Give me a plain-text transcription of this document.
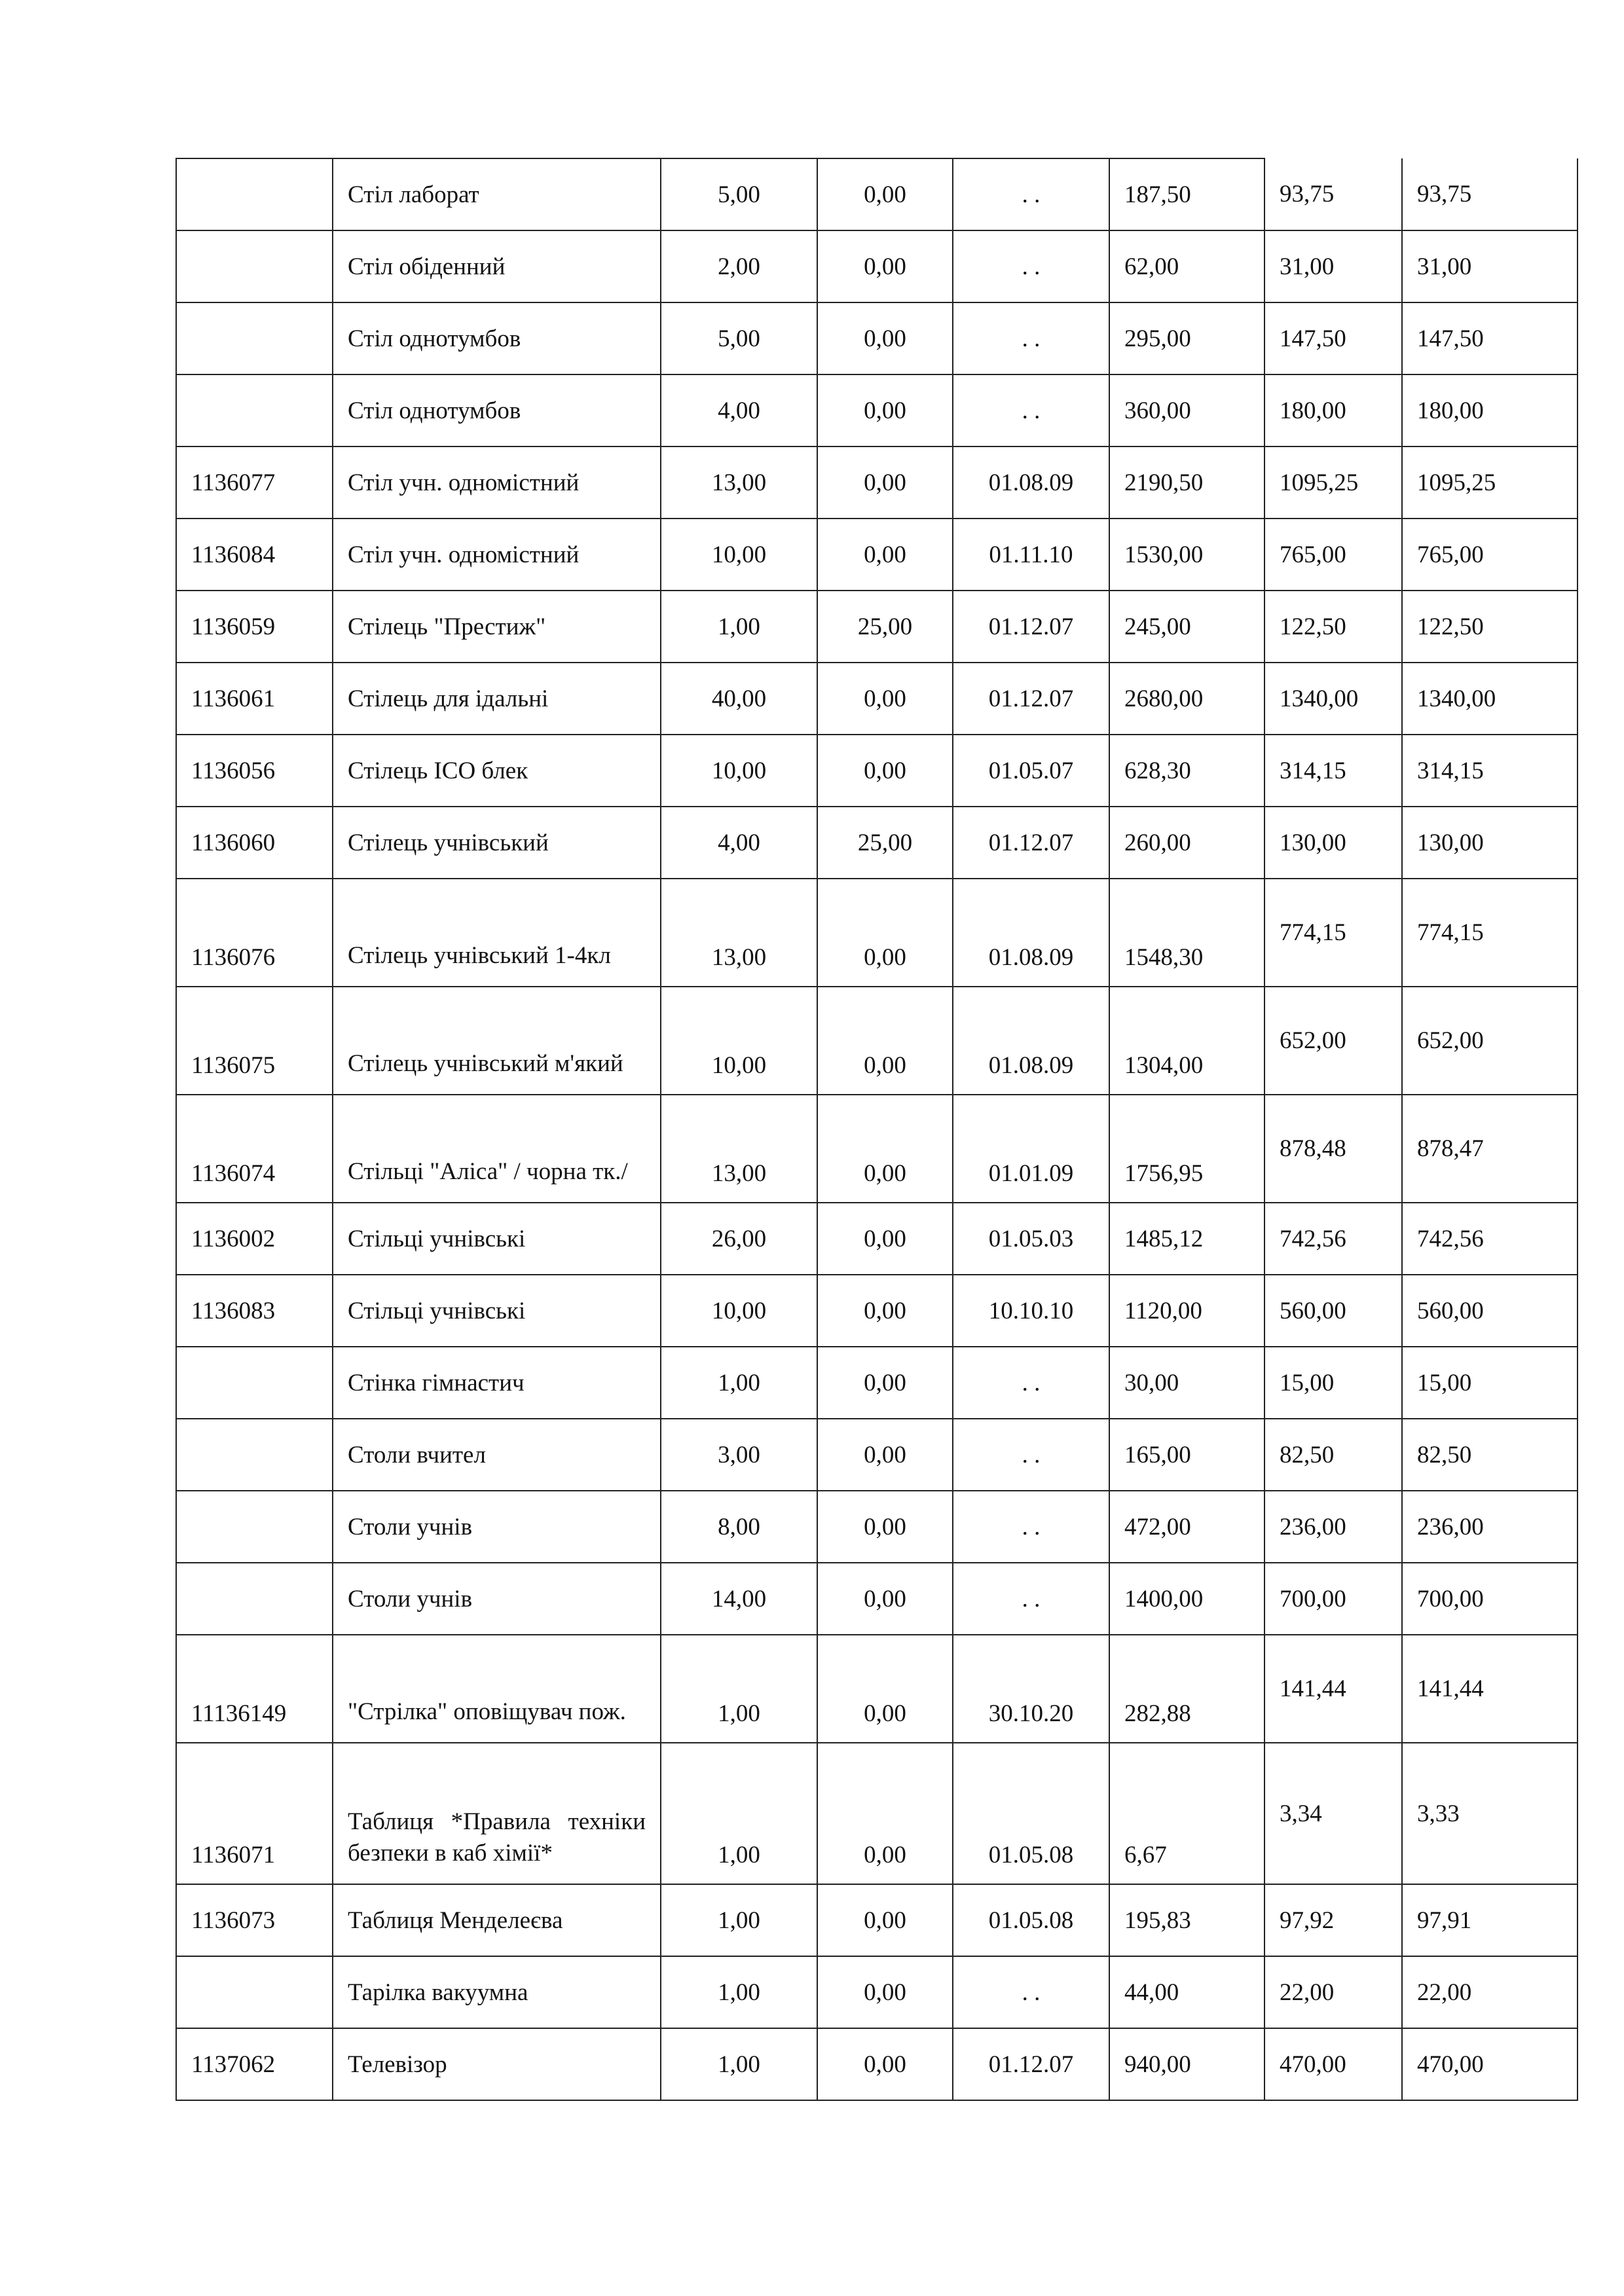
	Стіл лаборат	5,00	0,00	. .	187,50	93,75	93,75
	Стіл обіденний	2,00	0,00	. .	62,00	31,00	31,00
	Стіл однотумбов	5,00	0,00	. .	295,00	147,50	147,50
	Стіл однотумбов	4,00	0,00	. .	360,00	180,00	180,00
1136077	Стіл учн. одномістний	13,00	0,00	01.08.09	2190,50	1095,25	1095,25
1136084	Стіл учн. одномістний	10,00	0,00	01.11.10	1530,00	765,00	765,00
1136059	Стілець "Престиж"	1,00	25,00	01.12.07	245,00	122,50	122,50
1136061	Стілець для ідальні	40,00	0,00	01.12.07	2680,00	1340,00	1340,00
1136056	Стілець ІСО блек	10,00	0,00	01.05.07	628,30	314,15	314,15
1136060	Стілець учнівський	4,00	25,00	01.12.07	260,00	130,00	130,00
1136076	Стілець учнівський 1-4кл	13,00	0,00	01.08.09	1548,30	774,15	774,15
1136075	Стілець учнівський м'який	10,00	0,00	01.08.09	1304,00	652,00	652,00
1136074	Стільці "Аліса" / чорна тк./	13,00	0,00	01.01.09	1756,95	878,48	878,47
1136002	Стільці учнівські	26,00	0,00	01.05.03	1485,12	742,56	742,56
1136083	Стільці учнівські	10,00	0,00	10.10.10	1120,00	560,00	560,00
	Стінка гімнастич	1,00	0,00	. .	30,00	15,00	15,00
	Столи вчител	3,00	0,00	. .	165,00	82,50	82,50
	Столи учнів	8,00	0,00	. .	472,00	236,00	236,00
	Столи учнів	14,00	0,00	. .	1400,00	700,00	700,00
11136149	"Стрілка" оповіщувач пож.	1,00	0,00	30.10.20	282,88	141,44	141,44
1136071	Таблиця *Правила техніки безпеки в каб хімії*	1,00	0,00	01.05.08	6,67	3,34	3,33
1136073	Таблиця Менделеєва	1,00	0,00	01.05.08	195,83	97,92	97,91
	Тарілка вакуумна	1,00	0,00	. .	44,00	22,00	22,00
1137062	Телевізор	1,00	0,00	01.12.07	940,00	470,00	470,00
